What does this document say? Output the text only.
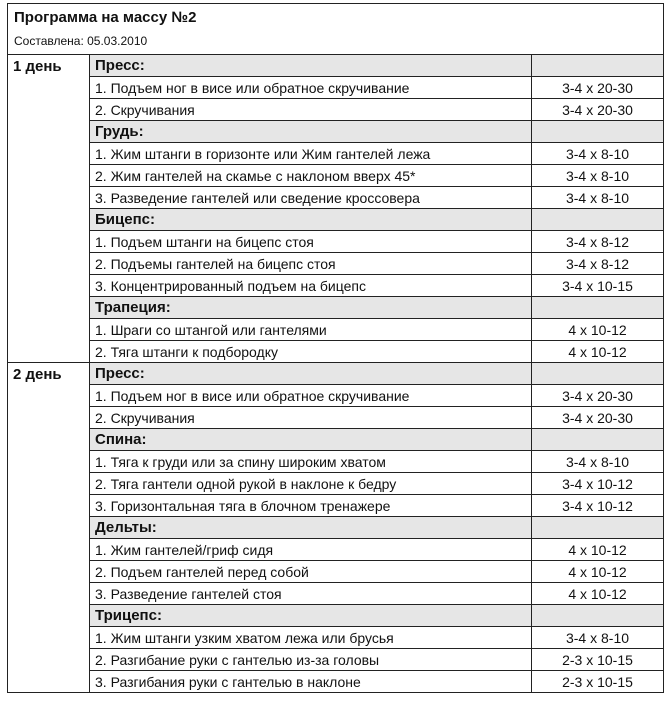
Программа на массу №2
Составлена: 05.03.2010		

1 день	Пресс:	
	1. Подъем ног в висе или обратное скручивание	3-4 х 20-30
	2. Скручивания	3-4 х 20-30
	Грудь:	
	1. Жим штанги в горизонте или Жим гантелей лежа	3-4 х 8-10
	2. Жим гантелей на скамье с наклоном вверх 45*	3-4 х 8-10
	3. Разведение гантелей или сведение кроссовера	3-4 х 8-10
	Бицепс:	
	1. Подъем штанги на бицепс стоя	3-4 х 8-12
	2. Подъемы гантелей на бицепс стоя	3-4 х 8-12
	3. Концентрированный подъем на бицепс	3-4 х 10-15
	Трапеция:	
	1. Шраги со штангой или гантелями	4 х 10-12
	2. Тяга штанги к подбородку	4 х 10-12
2 день	Пресс:	
	1. Подъем ног в висе или обратное скручивание	3-4 х 20-30
	2. Скручивания	3-4 х 20-30
	Спина:	
	1. Тяга к груди или за спину широким хватом	3-4 х 8-10
	2. Тяга гантели одной рукой в наклоне к бедру	3-4 х 10-12
	3. Горизонтальная тяга в блочном тренажере	3-4 х 10-12
	Дельты:	
	1. Жим гантелей/гриф сидя	4 х 10-12
	2. Подъем гантелей перед собой	4 х 10-12
	3. Разведение гантелей стоя	4 х 10-12
	Трицепс:	
	1. Жим штанги узким хватом лежа или брусья	3-4 х 8-10
	2. Разгибание руки с гантелью из-за головы	2-3 х 10-15
	3. Разгибания руки с гантелью в наклоне	2-3 х 10-15
